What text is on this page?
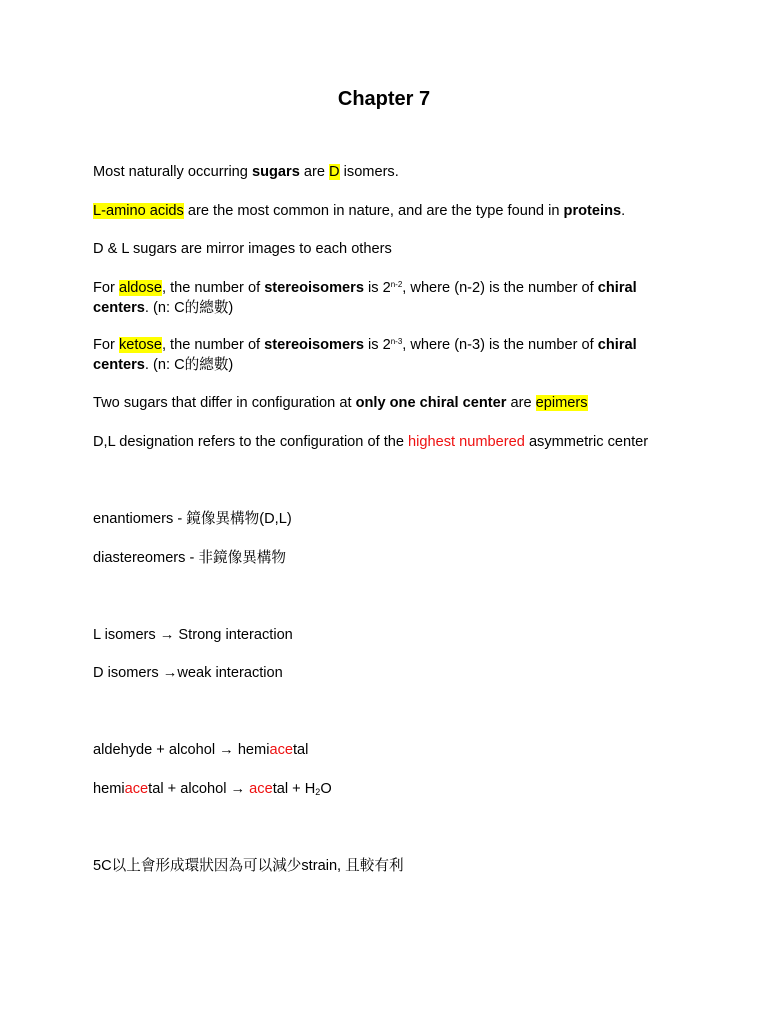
Chapter 7
Most naturally occurring sugars are D isomers.
L-amino acids are the most common in nature, and are the type found in proteins.
D & L sugars are mirror images to each others
For aldose, the number of stereoisomers is 2$^{n-2}$, where (n-2) is the number of chiral centers. (n: C的總數)
For ketose, the number of stereoisomers is 2$^{n-3}$, where (n-3) is the number of chiral centers. (n: C的總數)
Two sugars that differ in configuration at only one chiral center are epimers
D,L designation refers to the configuration of the highest numbered asymmetric center
enantiomers - 鏡像異構物(D,L)
diastereomers - 非鏡像異構物
L isomers → Strong interaction
D isomers →weak interaction
aldehyde + alcohol → hemiacetal
hemiacetal + alcohol → acetal + $H_2O$
5C以上會形成環狀因為可以減少strain, 且較有利
